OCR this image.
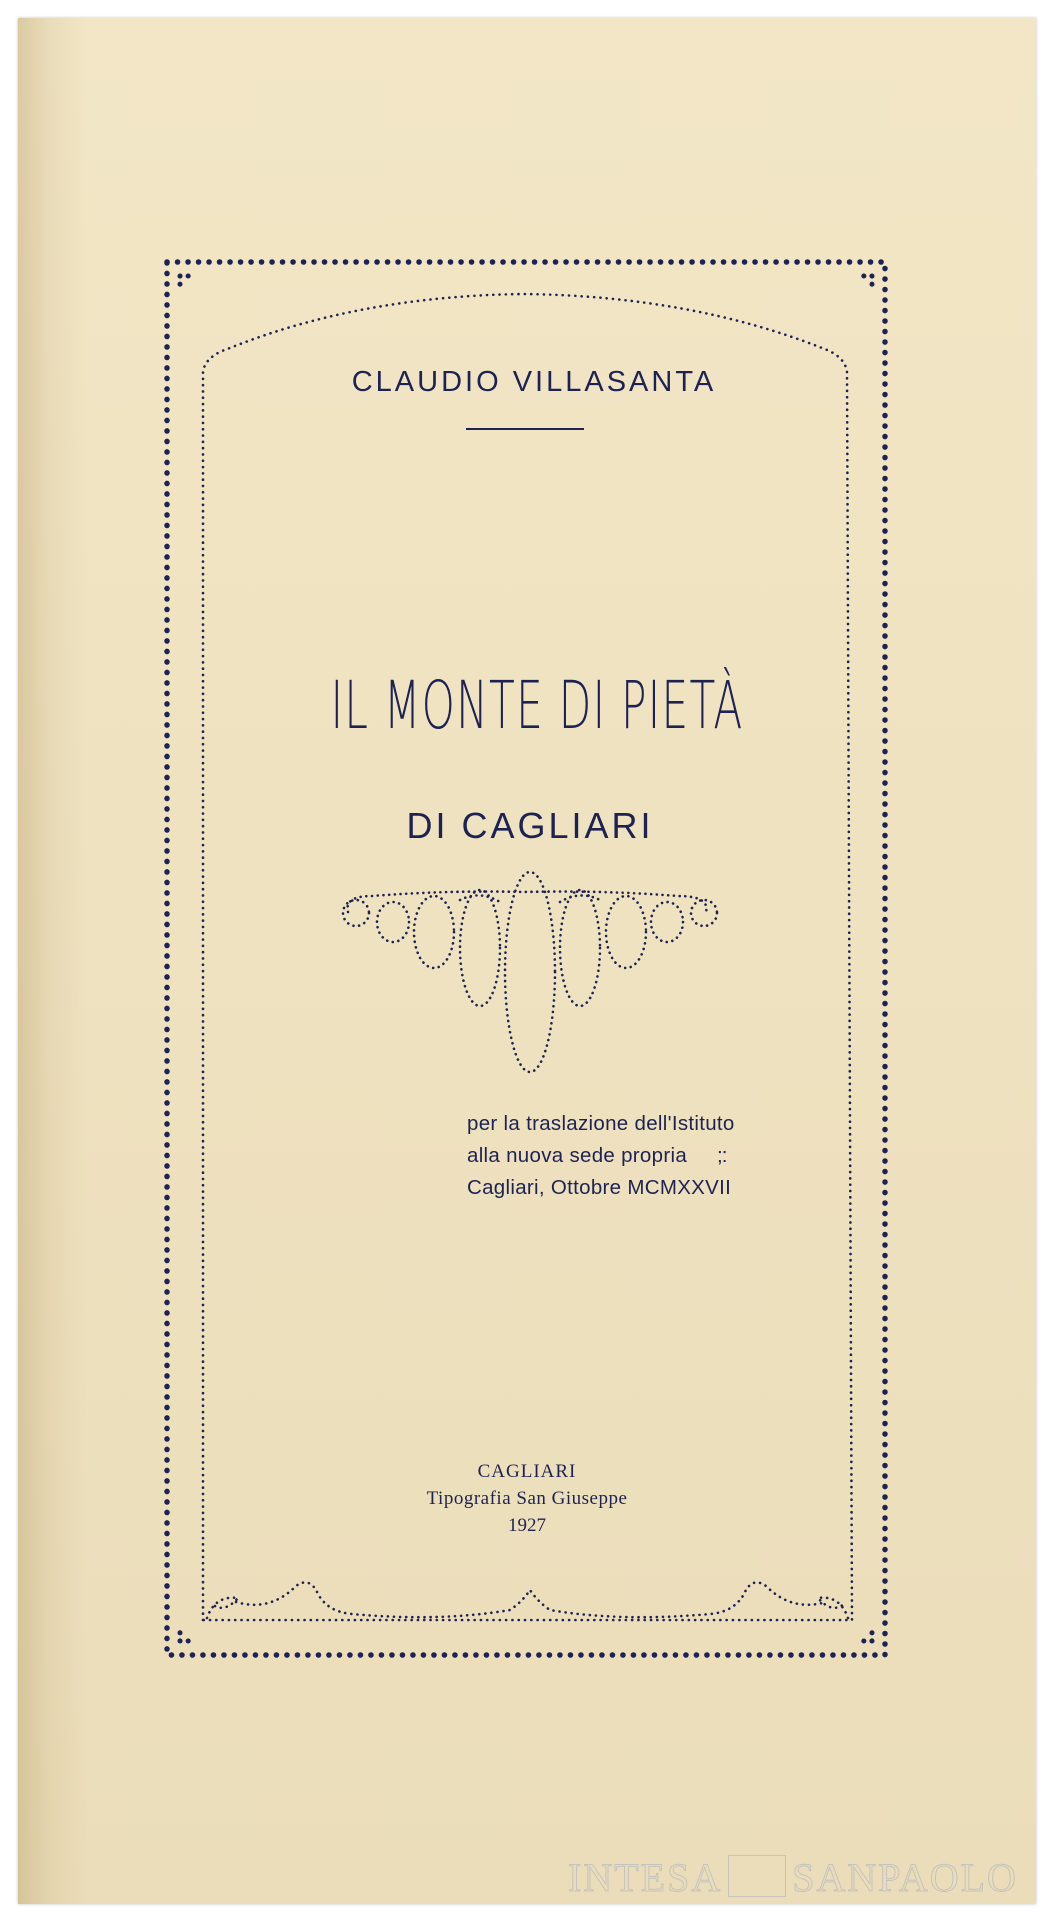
CLAUDIO VILLASANTA
IL MONTE DI PIETÀ
DI CAGLIARI
per la traslazione dell'Istituto
alla nuova sede propria ;:
Cagliari, Ottobre MCMXXVII
CAGLIARI
Tipografia San Giuseppe
1927
INTESA SANPAOLO
